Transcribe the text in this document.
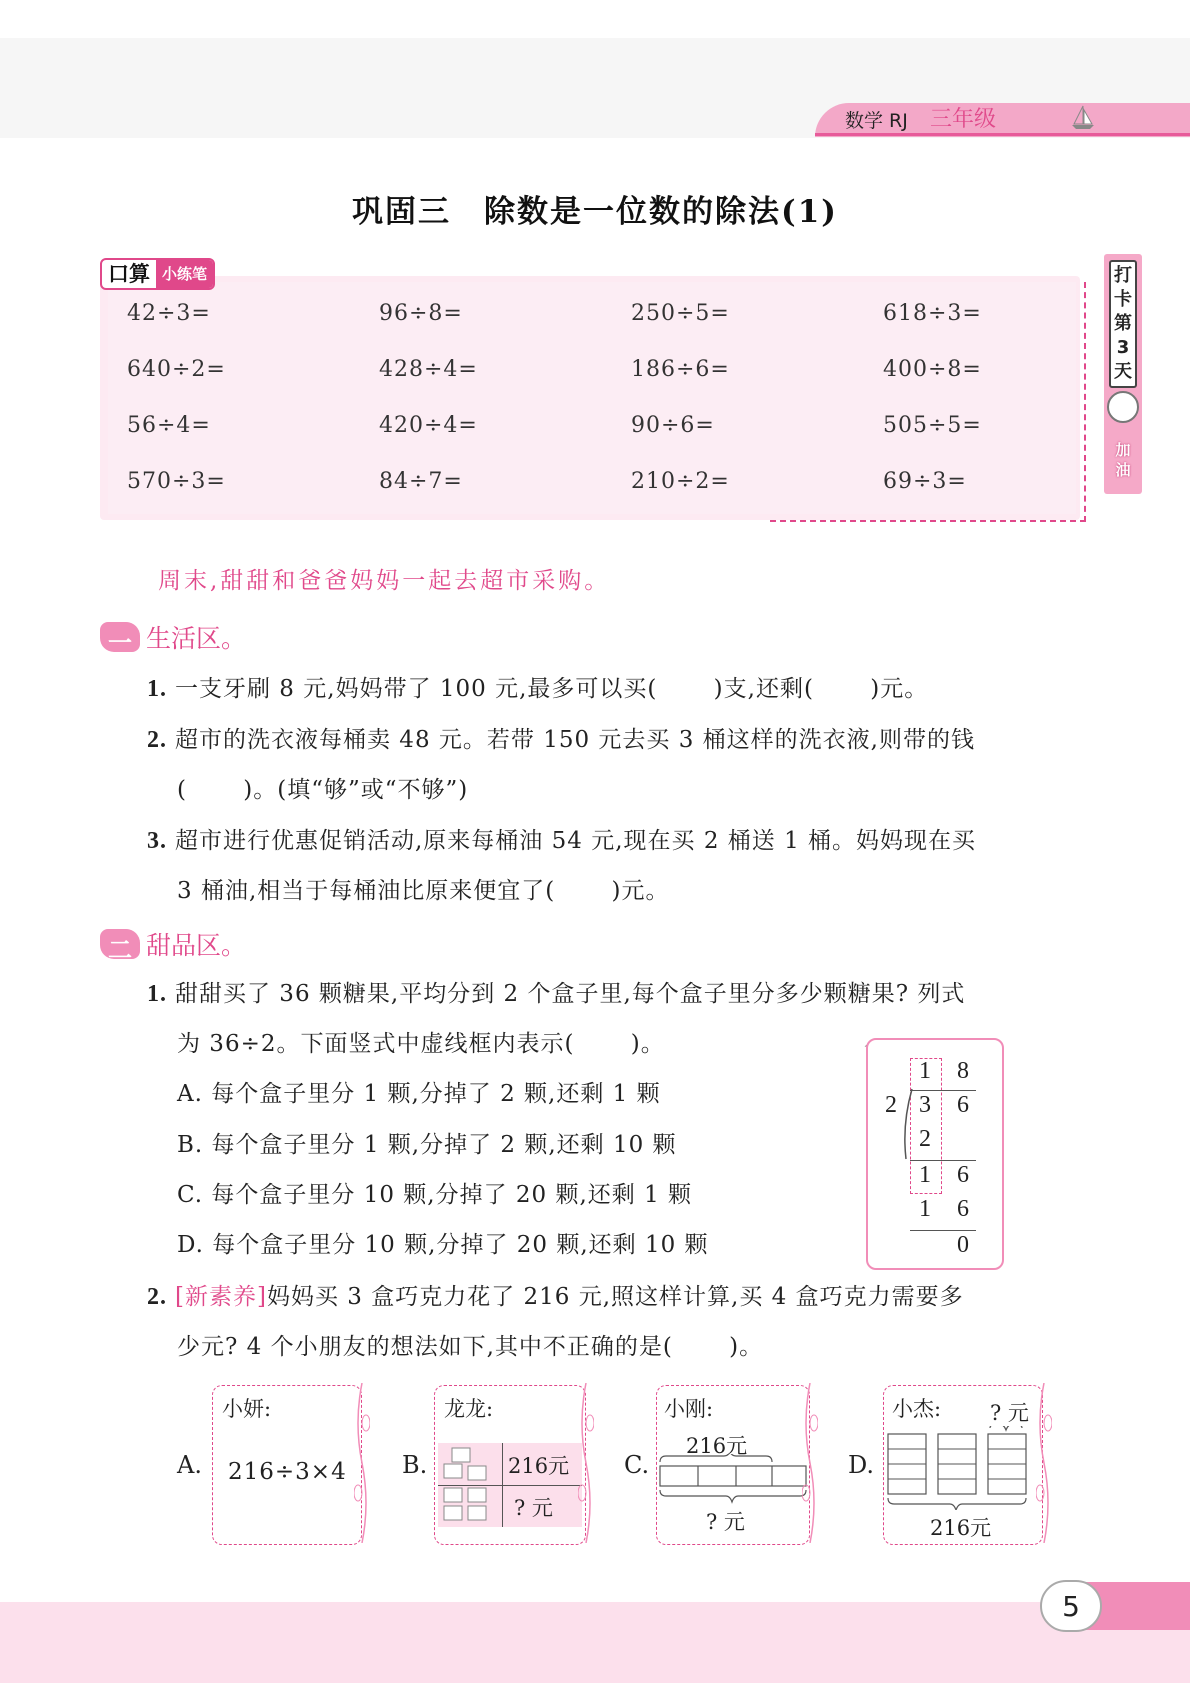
数学 RJ 三年级
巩固三　除数是一位数的除法(1)
口算 小练笔
42÷3=	96÷8=	250÷5=	618÷3=
640÷2=	428÷4=	186÷6=	400÷8=
56÷4=	420÷4=	90÷6=	505÷5=
570÷3=	84÷7=	210÷2=	69÷3=
打
卡
第
3
天
加
油
周末,甜甜和爸爸妈妈一起去超市采购。
一 生活区。
1. 一支牙刷 8 元,妈妈带了 100 元,最多可以买(　　 )支,还剩(　　 )元。
2. 超市的洗衣液每桶卖 48 元。若带 150 元去买 3 桶这样的洗衣液,则带的钱
(　　 )。(填“够”或“不够”)
3. 超市进行优惠促销活动,原来每桶油 54 元,现在买 2 桶送 1 桶。妈妈现在买
3 桶油,相当于每桶油比原来便宜了(　　 )元。
二 甜品区。
1. 甜甜买了 36 颗糖果,平均分到 2 个盒子里,每个盒子里分多少颗糖果? 列式
为 36÷2。下面竖式中虚线框内表示(　　 )。
A. 每个盒子里分 1 颗,分掉了 2 颗,还剩 1 颗
B. 每个盒子里分 1 颗,分掉了 2 颗,还剩 10 颗
C. 每个盒子里分 10 颗,分掉了 20 颗,还剩 1 颗
D. 每个盒子里分 10 颗,分掉了 20 颗,还剩 10 颗
1 8
2 3 6
2
1 6
1 6
0
2. [新素养]妈妈买 3 盒巧克力花了 216 元,照这样计算,买 4 盒巧克力需要多
少元? 4 个小朋友的想法如下,其中不正确的是(　　 )。
A.
小妍:
216÷3×4 B.
龙龙:
216元
? 元
C.
小刚:
216元
? 元
D.
小杰: ? 元
216元
5
